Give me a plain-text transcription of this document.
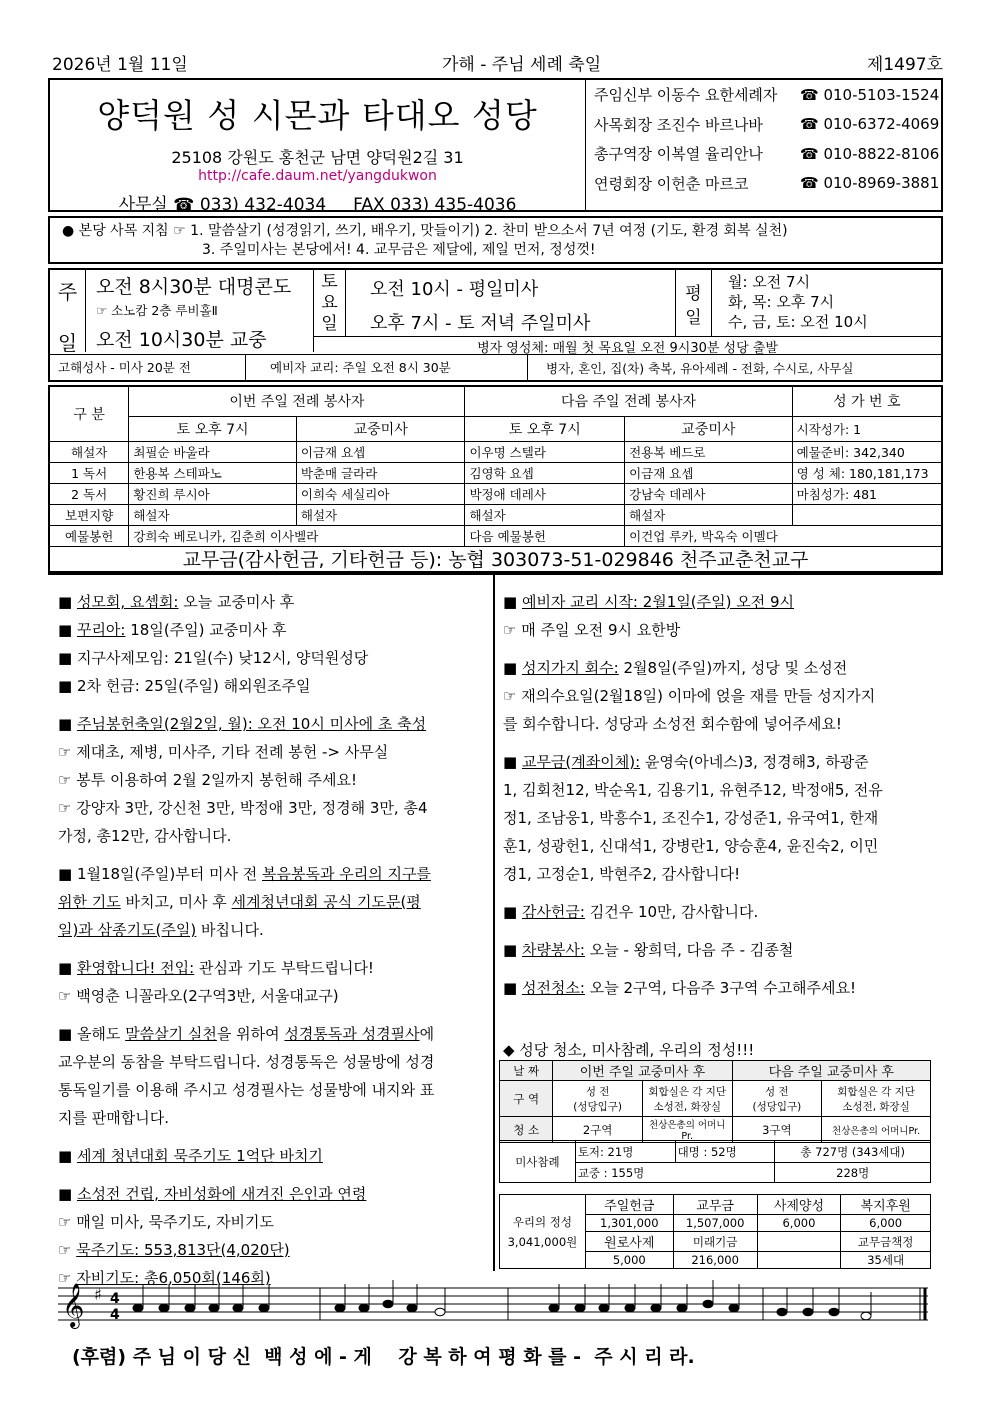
2026년 1월 11일	가해 - 주님 세례 축일	제1497호
양덕원 성 시몬과 타대오 성당
25108 강원도 홍천군 남면 양덕원2길 31
http://cafe.daum.net/yangdukwon
사무실 ☎ 033) 432-4034     FAX 033) 435-4036
주임신부 이동수 요한세례자 ☎ 010-5103-1524
사목회장 조진수 바르나바 ☎ 010-6372-4069
총구역장 이복열 율리안나 ☎ 010-8822-8106
연령회장 이헌춘 마르코	☎ 010-8969-3881
● 본당 사목 지침 ☞ 1. 말씀살기 (성경읽기, 쓰기, 배우기, 맛들이기) 2. 찬미 받으소서 7년 여정 (기도, 환경 회복 실천)
3. 주일미사는 본당에서! 4. 교무금은 제달에, 제일 먼저, 정성껏!
주
일
오전 8시30분 대명콘도
☞ 소노캄 2층 루비홀Ⅱ
오전 10시30분 교중
토
요
일
오전 10시 - 평일미사
오후 7시 - 토 저녁 주일미사
평
일
월: 오전 7시
화, 목: 오후 7시
수, 금, 토: 오전 10시
병자 영성체: 매월 첫 목요일 오전 9시30분 성당 출발
고해성사 - 미사 20분 전	예비자 교리: 주일 오전 8시 30분	병자, 혼인, 집(차) 축복, 유아세례 - 전화, 수시로, 사무실
구 분	이번 주일 전례 봉사자		다음 주일 전례 봉사자		성 가 번 호
	토 오후 7시	교중미사	토 오후 7시	교중미사	시작성가: 1
해설자	최필순 바울라	이금재 요셉	이우명 스텔라	전용복 베드로	예물준비: 342,340
1 독서	한용복 스테파노	박춘매 글라라	김영학 요셉	이금재 요셉	영 성 체: 180,181,173
2 독서	황진희 루시아	이희숙 세실리아	박정애 데레사	강남숙 데레사	마침성가: 481
보편지향	해설자	해설자	해설자	해설자	
예물봉헌	강희숙 베로니카, 김춘희 이사벨라		다음 예물봉헌	이건업 루카, 박옥숙 이멜다	

교무금(감사헌금, 기타헌금 등): 농협 303073-51-029846 천주교춘천교구

■ 성모회, 요셉회: 오늘 교중미사 후

■ 꾸리아: 18일(주일) 교중미사 후

■ 지구사제모임: 21일(수) 낮12시, 양덕원성당

■ 2차 헌금: 25일(주일) 해외원조주일

■ 주님봉헌축일(2월2일, 월): 오전 10시 미사에 초 축성

☞ 제대초, 제병, 미사주, 기타 전례 봉헌 -> 사무실

☞ 봉투 이용하여 2월 2일까지 봉헌해 주세요!

☞ 강양자 3만, 강신천 3만, 박정애 3만, 정경해 3만, 총4

가정, 총12만, 감사합니다.

■ 1월18일(주일)부터 미사 전 복음봉독과 우리의 지구를

위한 기도 바치고, 미사 후 세계청년대회 공식 기도문(평

일)과 삼종기도(주일) 바칩니다.

■ 환영합니다! 전입: 관심과 기도 부탁드립니다!

☞ 백영춘 니꼴라오(2구역3반, 서울대교구)

■ 올해도 말씀살기 실천을 위하여 성경통독과 성경필사에

교우분의 동참을 부탁드립니다. 성경통독은 성물방에 성경

통독일기를 이용해 주시고 성경필사는 성물방에 내지와 표

지를 판매합니다.

■ 세계 청년대회 묵주기도 1억단 바치기

■ 소성전 건립, 자비성화에 새겨진 은인과 연령

☞ 매일 미사, 묵주기도, 자비기도

☞ 묵주기도: 553,813단(4,020단)

☞ 자비기도: 총6,050회(146회)

■ 예비자 교리 시작: 2월1일(주일) 오전 9시

☞ 매 주일 오전 9시 요한방

■ 성지가지 회수: 2월8일(주일)까지, 성당 및 소성전

☞ 재의수요일(2월18일) 이마에 얹을 재를 만들 성지가지

를 회수합니다. 성당과 소성전 회수함에 넣어주세요!

■ 교무금(계좌이체): 윤영숙(아네스)3, 정경해3, 하광준

1, 김회천12, 박순옥1, 김용기1, 유현주12, 박정애5, 전유

정1, 조남웅1, 박흥수1, 조진수1, 강성준1, 유국여1, 한재

훈1, 성광헌1, 신대석1, 강병란1, 양승훈4, 윤진숙2, 이민

경1, 고정순1, 박현주2, 감사합니다!

■ 감사헌금: 김건우 10만, 감사합니다.

■ 차량봉사: 오늘 - 왕희덕, 다음 주 - 김종철

■ 성전청소: 오늘 2구역, 다음주 3구역 수고해주세요!

◆ 성당 청소, 미사참례, 우리의 정성!!!

날 짜	이번 주일 교중미사 후		다음 주일 교중미사 후	
구 역	성 전
(성당입구)	회합실은 각 지단
소성전, 화장실	성 전
(성당입구)	회합실은 각 지단
소성전, 화장실
청 소	2구역	천상은총의 어머니Pr.	3구역	천상은총의 어머니Pr.
미사참례	토저: 21명	대명 : 52명	총 727명 (343세대)
	교중 : 155명		228명
우리의 정성
3,041,000원	주일헌금	교무금	사제양성	복지후원
	1,301,000	1,507,000	6,000	6,000
	원로사제	미래기금		교무금책정
	5,000	216,000		35세대
𝄞 ♯ 4
4
(후렴) 주 님 이 당 신  백 성 에 - 게    강 복 하 여 평 화 를 -  주 시 리 라.
